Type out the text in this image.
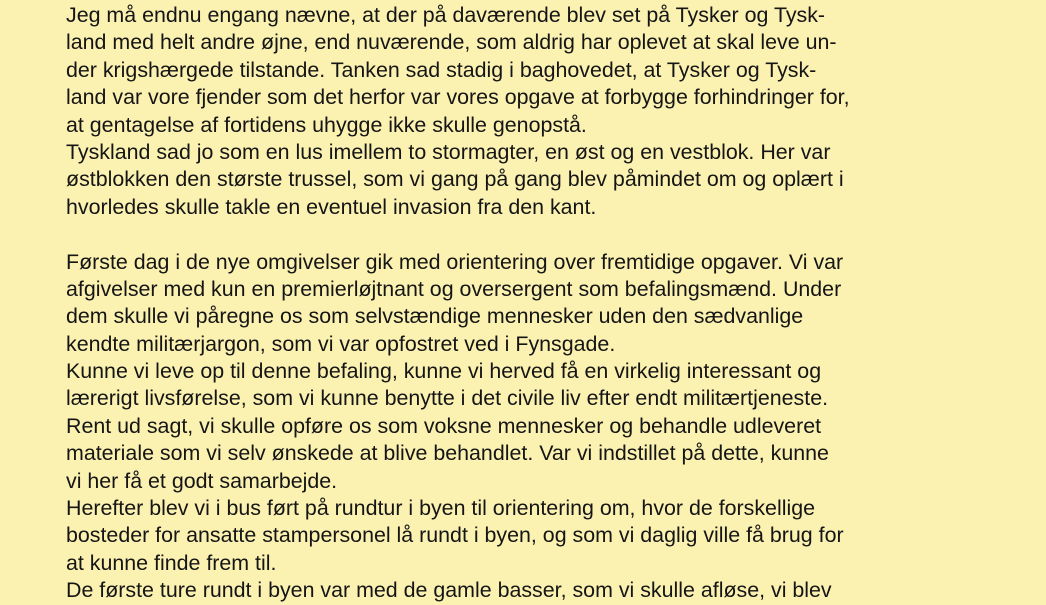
Jeg må endnu engang nævne, at der på daværende blev set på Tysker og Tysk-
land med helt andre øjne, end nuværende, som aldrig har oplevet at skal leve un-
der krigshærgede tilstande. Tanken sad stadig i baghovedet, at Tysker og Tysk-
land var vore fjender som det herfor var vores opgave at forbygge forhindringer for,
at gentagelse af fortidens uhygge ikke skulle genopstå.
Tyskland sad jo som en lus imellem to stormagter, en øst og en vestblok. Her var
østblokken den største trussel, som vi gang på gang blev påmindet om og oplært i
hvorledes skulle takle en eventuel invasion fra den kant.
Første dag i de nye omgivelser gik med orientering over fremtidige opgaver. Vi var
afgivelser med kun en premierløjtnant og oversergent som befalingsmænd. Under
dem skulle vi påregne os som selvstændige mennesker uden den sædvanlige
kendte militærjargon, som vi var opfostret ved i Fynsgade.
Kunne vi leve op til denne befaling, kunne vi herved få en virkelig interessant og
lærerigt livsførelse, som vi kunne benytte i det civile liv efter endt militærtjeneste.
Rent ud sagt, vi skulle opføre os som voksne mennesker og behandle udleveret
materiale som vi selv ønskede at blive behandlet. Var vi indstillet på dette, kunne
vi her få et godt samarbejde.
Herefter blev vi i bus ført på rundtur i byen til orientering om, hvor de forskellige
bosteder for ansatte stampersonel lå rundt i byen, og som vi daglig ville få brug for
at kunne finde frem til.
De første ture rundt i byen var med de gamle basser, som vi skulle afløse, vi blev
